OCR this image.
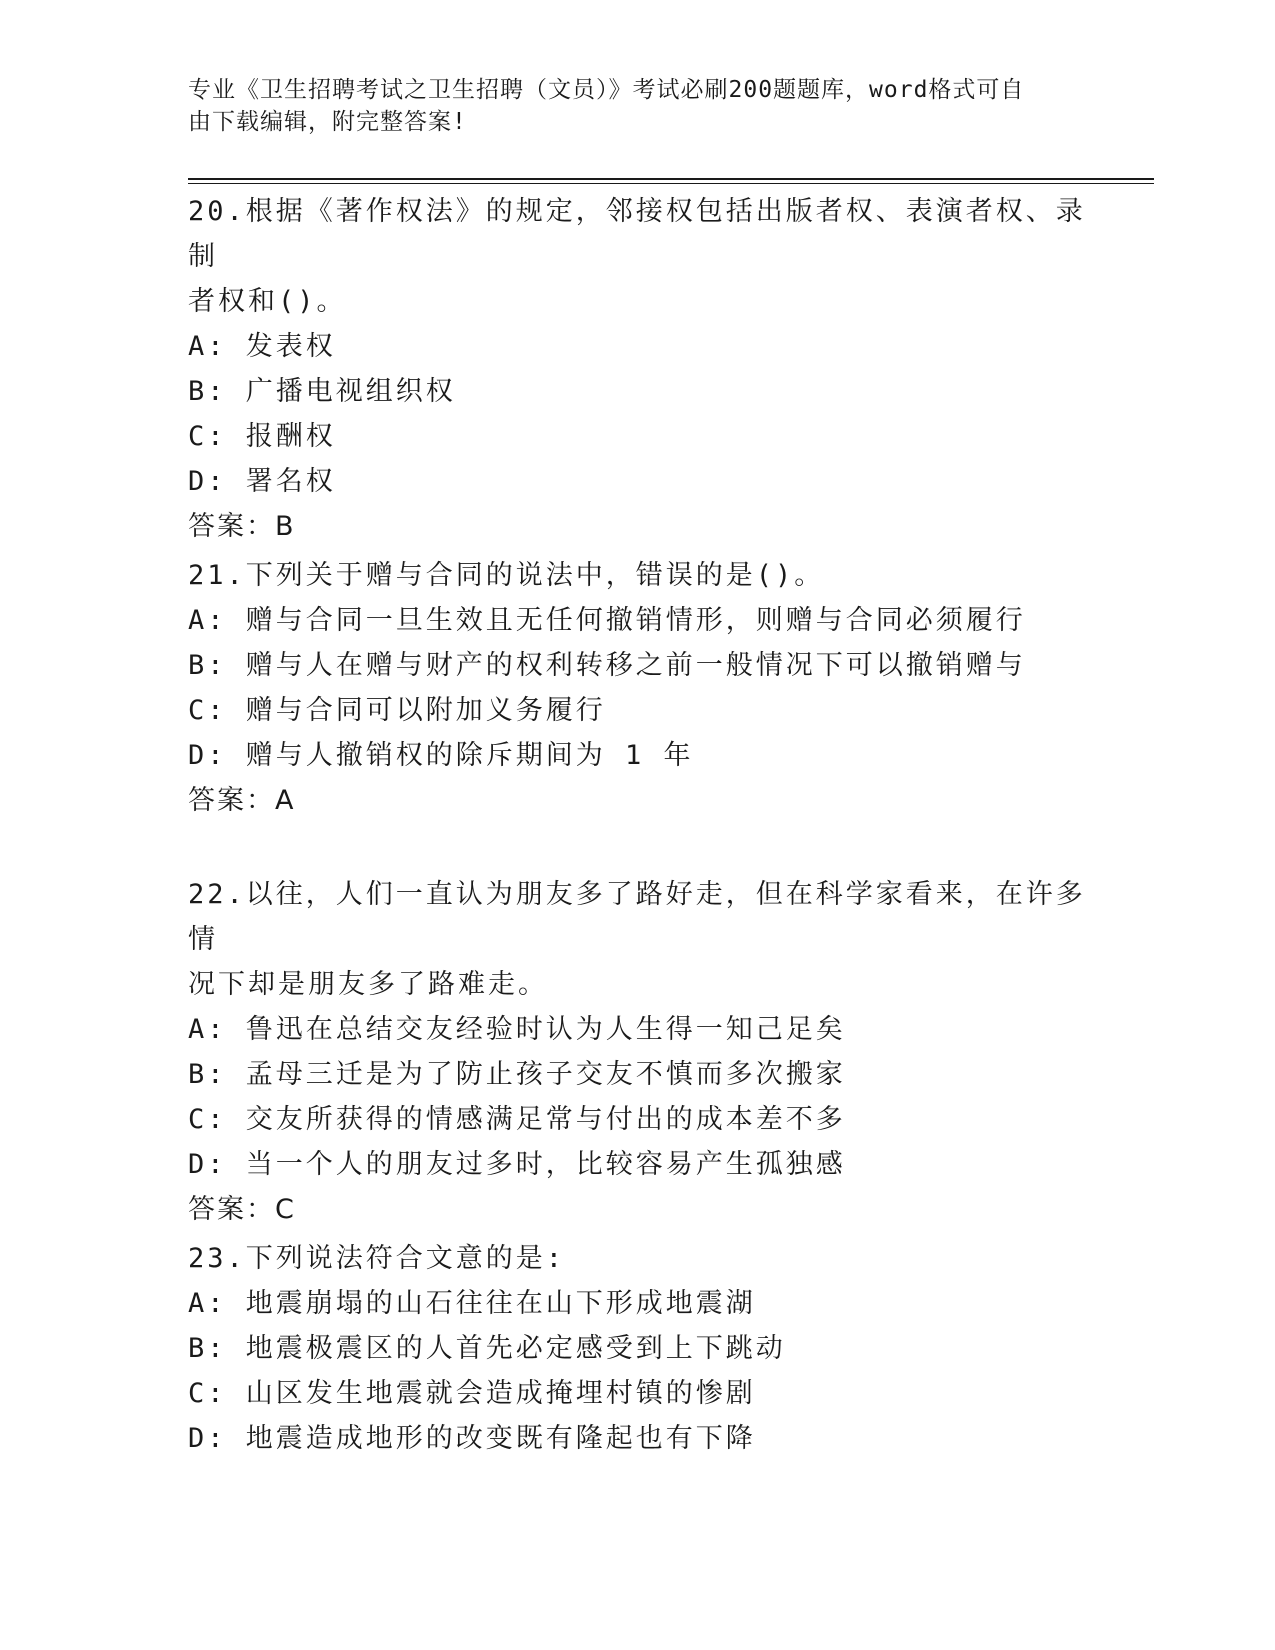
专业《卫生招聘考试之卫生招聘（文员）》考试必刷200题题库，word格式可自
由下载编辑，附完整答案!
20.根据《著作权法》的规定，邻接权包括出版者权、表演者权、录制
者权和()。
A: 发表权
B: 广播电视组织权
C: 报酬权
D: 署名权
答案：B
21.下列关于赠与合同的说法中，错误的是()。
A: 赠与合同一旦生效且无任何撤销情形，则赠与合同必须履行
B: 赠与人在赠与财产的权利转移之前一般情况下可以撤销赠与
C: 赠与合同可以附加义务履行
D: 赠与人撤销权的除斥期间为 1 年
答案：A
22.以往，人们一直认为朋友多了路好走，但在科学家看来，在许多情
况下却是朋友多了路难走。
A: 鲁迅在总结交友经验时认为人生得一知己足矣
B: 孟母三迁是为了防止孩子交友不慎而多次搬家
C: 交友所获得的情感满足常与付出的成本差不多
D: 当一个人的朋友过多时，比较容易产生孤独感
答案：C
23.下列说法符合文意的是:
A: 地震崩塌的山石往往在山下形成地震湖
B: 地震极震区的人首先必定感受到上下跳动
C: 山区发生地震就会造成掩埋村镇的惨剧
D: 地震造成地形的改变既有隆起也有下降
